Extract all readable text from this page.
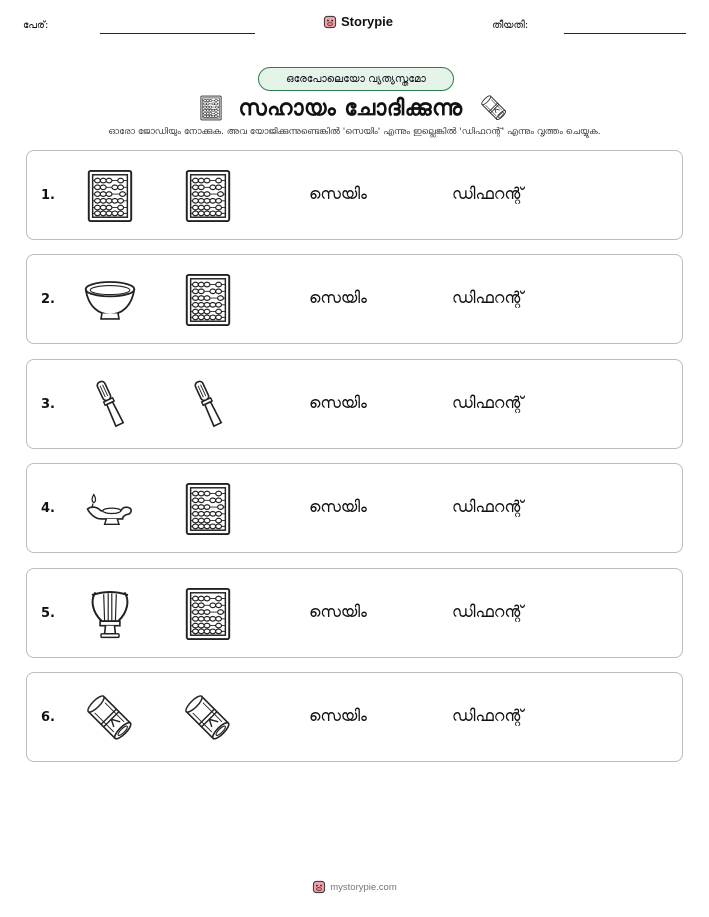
പേര്:	Storypie	തീയതി:
ഒരേപോലെയോ വ്യത്യസ്തമോ
സഹായം ചോദിക്കുന്നു
ഓരോ ജോഡിയും നോക്കുക. അവ യോജിക്കുന്നുണ്ടെങ്കിൽ 'സെയിം' എന്നും ഇല്ലെങ്കിൽ 'ഡിഫറന്റ്' എന്നും വൃത്തം ചെയ്യുക.
1.	സെയിം	ഡിഫറന്റ്
2.	സെയിം	ഡിഫറന്റ്
3.	സെയിം	ഡിഫറന്റ്
4.	സെയിം	ഡിഫറന്റ്
5.	സെയിം	ഡിഫറന്റ്
6.	സെയിം	ഡിഫറന്റ്
mystorypie.com
